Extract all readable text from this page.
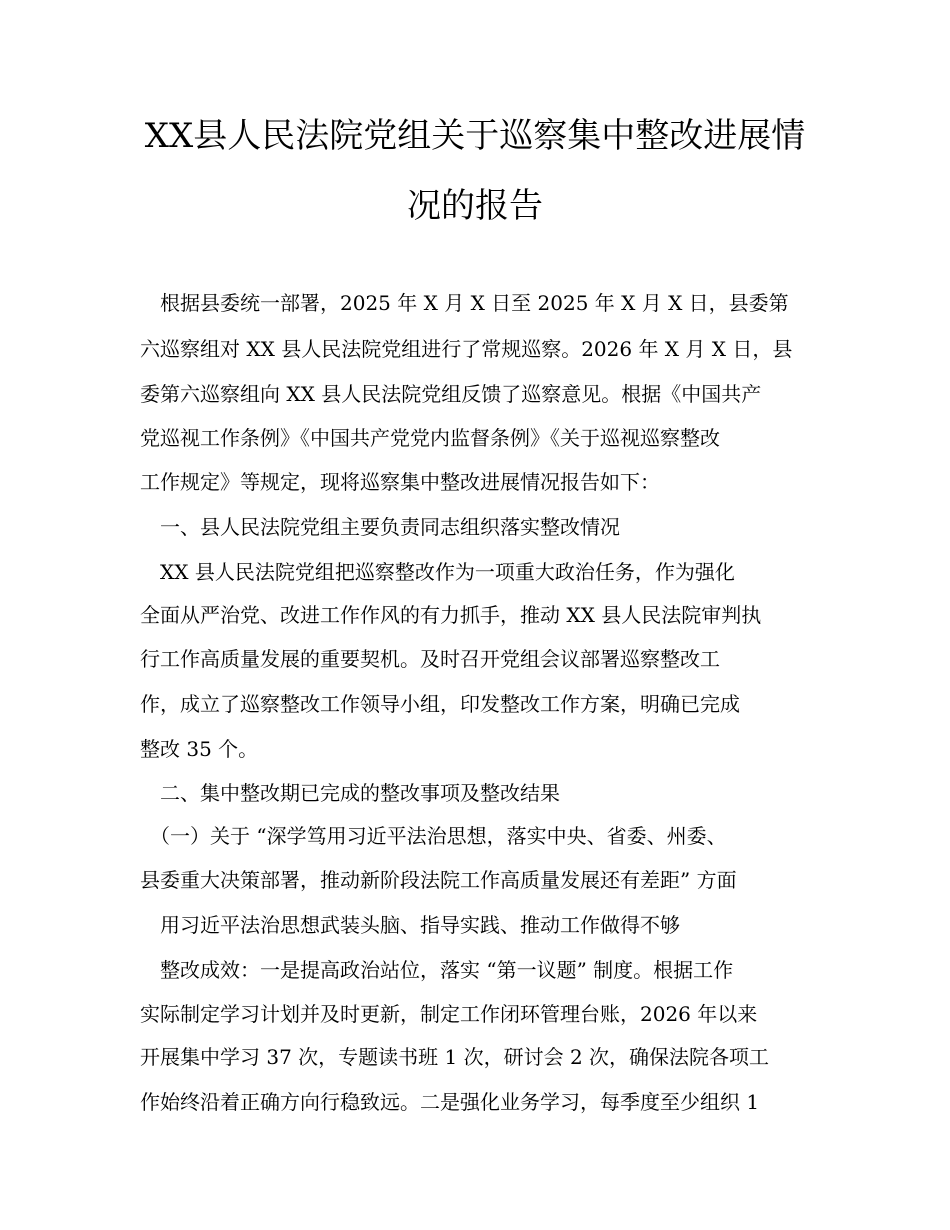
XX县人民法院党组关于巡察集中整改进展情
况的报告
　根据县委统一部署，2025 年 X 月 X 日至 2025 年 X 月 X 日，县委第
六巡察组对 XX 县人民法院党组进行了常规巡察。2026 年 X 月 X 日，县
委第六巡察组向 XX 县人民法院党组反馈了巡察意见。根据《中国共产
党巡视工作条例》《中国共产党党内监督条例》《关于巡视巡察整改
工作规定》等规定，现将巡察集中整改进展情况报告如下：
　一、县人民法院党组主要负责同志组织落实整改情况
　XX 县人民法院党组把巡察整改作为一项重大政治任务，作为强化
全面从严治党、改进工作作风的有力抓手，推动 XX 县人民法院审判执
行工作高质量发展的重要契机。及时召开党组会议部署巡察整改工
作，成立了巡察整改工作领导小组，印发整改工作方案，明确已完成
整改 35 个。
　二、集中整改期已完成的整改事项及整改结果
　（一）关于 “深学笃用习近平法治思想，落实中央、省委、州委、
县委重大决策部署，推动新阶段法院工作高质量发展还有差距” 方面
　用习近平法治思想武装头脑、指导实践、推动工作做得不够
　整改成效：一是提高政治站位，落实 “第一议题” 制度。根据工作
实际制定学习计划并及时更新，制定工作闭环管理台账，2026 年以来
开展集中学习 37 次，专题读书班 1 次，研讨会 2 次，确保法院各项工
作始终沿着正确方向行稳致远。二是强化业务学习，每季度至少组织 1
